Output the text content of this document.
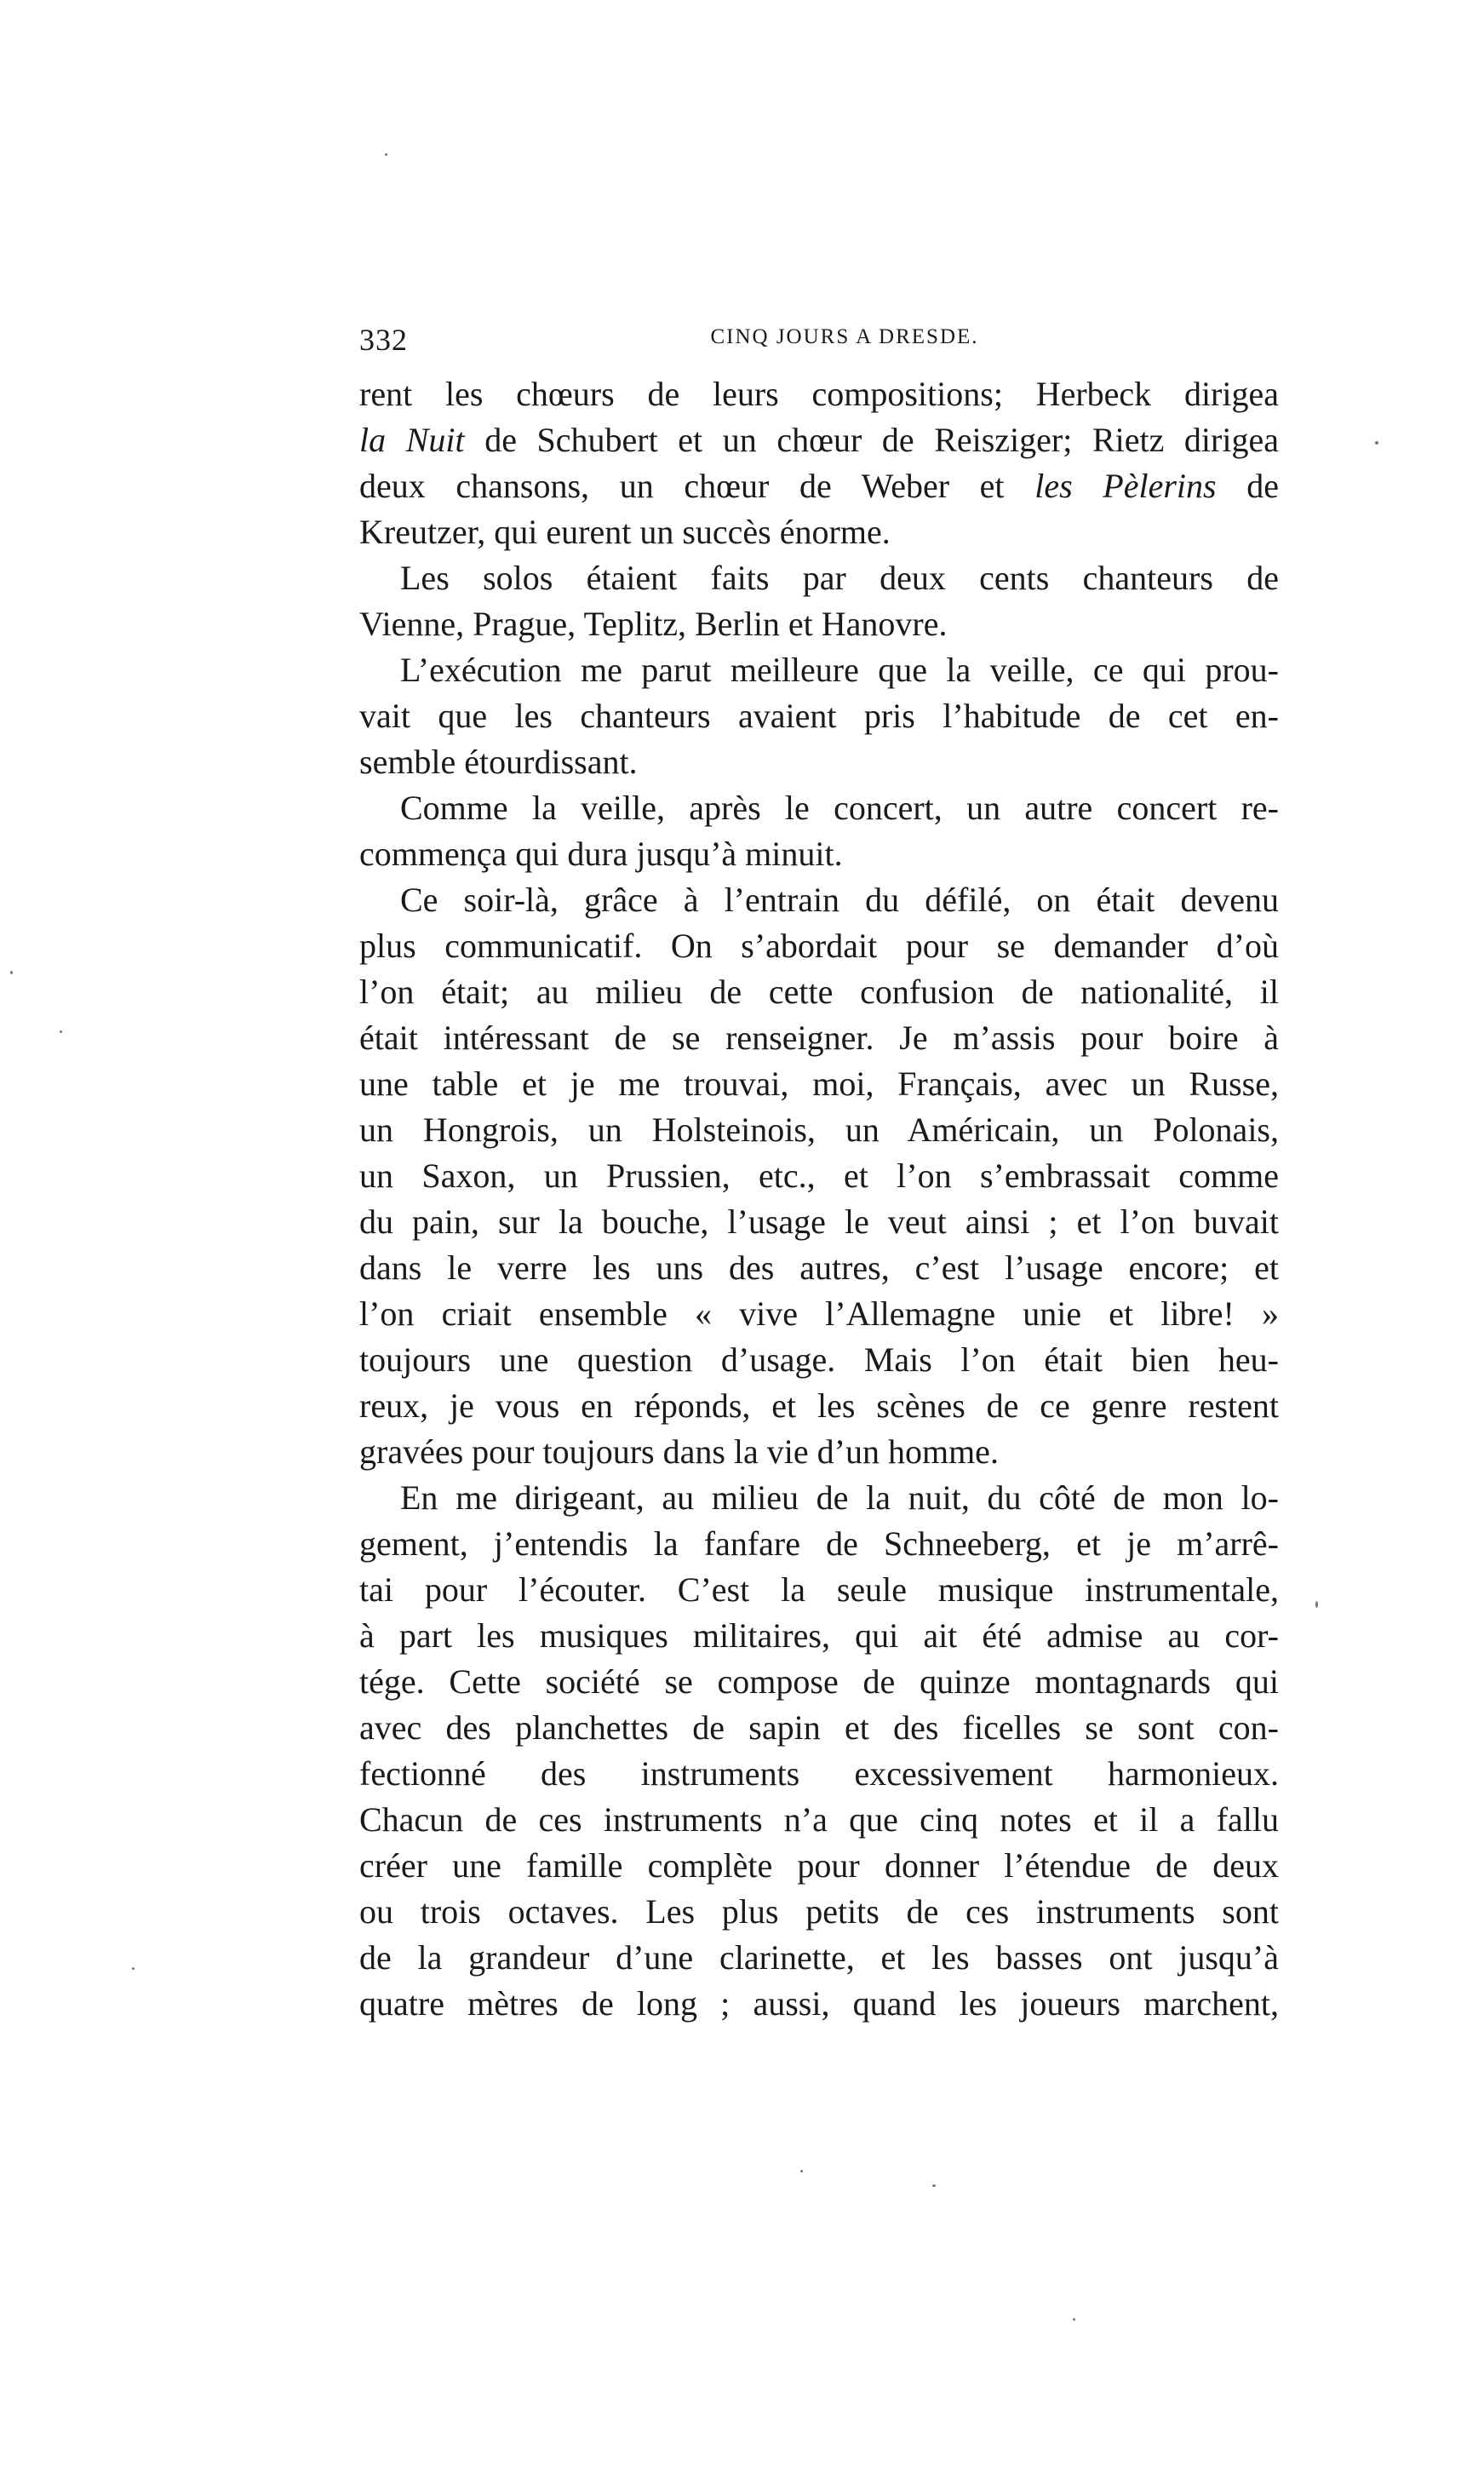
332	CINQ JOURS A DRESDE.
rent les chœurs de leurs compositions; Herbeck dirigea
la Nuit de Schubert et un chœur de Reisziger; Rietz dirigea
deux chansons, un chœur de Weber et les Pèlerins de
Kreutzer, qui eurent un succès énorme.
Les solos étaient faits par deux cents chanteurs de
Vienne, Prague, Teplitz, Berlin et Hanovre.
L’exécution me parut meilleure que la veille, ce qui prou-
vait que les chanteurs avaient pris l’habitude de cet en-
semble étourdissant.
Comme la veille, après le concert, un autre concert re-
commença qui dura jusqu’à minuit.
Ce soir-là, grâce à l’entrain du défilé, on était devenu
plus communicatif. On s’abordait pour se demander d’où
l’on était; au milieu de cette confusion de nationalité, il
était intéressant de se renseigner. Je m’assis pour boire à
une table et je me trouvai, moi, Français, avec un Russe,
un Hongrois, un Holsteinois, un Américain, un Polonais,
un Saxon, un Prussien, etc., et l’on s’embrassait comme
du pain, sur la bouche, l’usage le veut ainsi ; et l’on buvait
dans le verre les uns des autres, c’est l’usage encore; et
l’on criait ensemble « vive l’Allemagne unie et libre! »
toujours une question d’usage. Mais l’on était bien heu-
reux, je vous en réponds, et les scènes de ce genre restent
gravées pour toujours dans la vie d’un homme.
En me dirigeant, au milieu de la nuit, du côté de mon lo-
gement, j’entendis la fanfare de Schneeberg, et je m’arrê-
tai pour l’écouter. C’est la seule musique instrumentale,
à part les musiques militaires, qui ait été admise au cor-
tége. Cette société se compose de quinze montagnards qui
avec des planchettes de sapin et des ficelles se sont con-
fectionné des instruments excessivement harmonieux.
Chacun de ces instruments n’a que cinq notes et il a fallu
créer une famille complète pour donner l’étendue de deux
ou trois octaves. Les plus petits de ces instruments sont
de la grandeur d’une clarinette, et les basses ont jusqu’à
quatre mètres de long ; aussi, quand les joueurs marchent,
